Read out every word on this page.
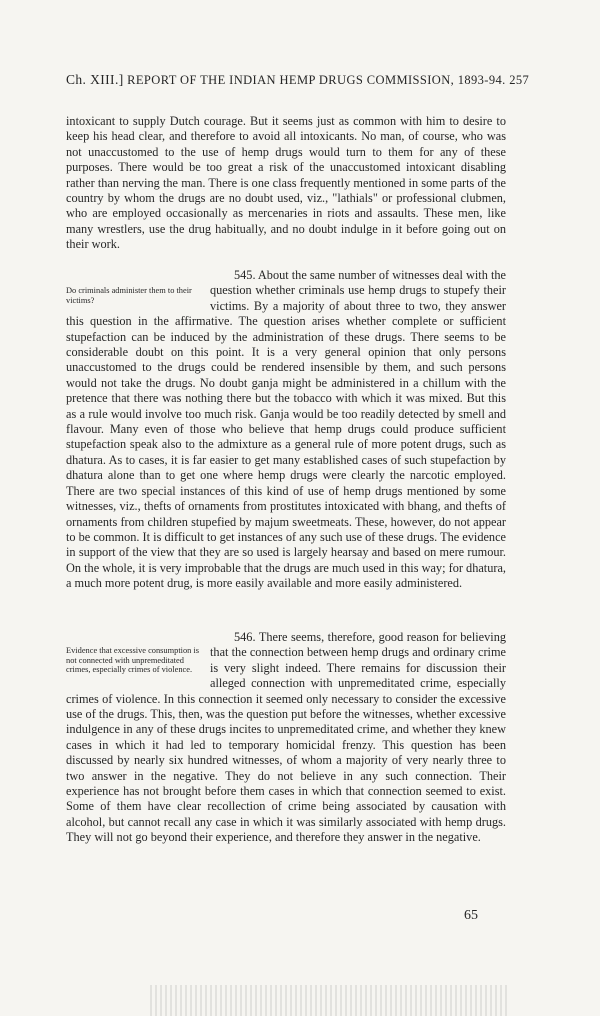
Ch. XIII.] REPORT OF THE INDIAN HEMP DRUGS COMMISSION, 1893-94. 257

intoxicant to supply Dutch courage. But it seems just as common with him to desire to keep his head clear, and therefore to avoid all intoxicants. No man, of course, who was not unaccustomed to the use of hemp drugs would turn to them for any of these purposes. There would be too great a risk of the unaccustomed intoxicant disabling rather than nerving the man. There is one class frequently mentioned in some parts of the country by whom the drugs are no doubt used, viz., "lathials" or professional clubmen, who are employed occasionally as mercenaries in riots and assaults. These men, like many wrestlers, use the drug habitually, and no doubt indulge in it before going out on their work.

Do criminals administer them to their victims?

545. About the same number of witnesses deal with the question whether criminals use hemp drugs to stupefy their victims. By a majority of about three to two, they answer this question in the affirmative. The question arises whether complete or sufficient stupefaction can be induced by the administration of these drugs. There seems to be considerable doubt on this point. It is a very general opinion that only persons unaccustomed to the drugs could be rendered insensible by them, and such persons would not take the drugs. No doubt ganja might be administered in a chillum with the pretence that there was nothing there but the tobacco with which it was mixed. But this as a rule would involve too much risk. Ganja would be too readily detected by smell and flavour. Many even of those who believe that hemp drugs could produce sufficient stupefaction speak also to the admixture as a general rule of more potent drugs, such as dhatura. As to cases, it is far easier to get many established cases of such stupefaction by dhatura alone than to get one where hemp drugs were clearly the narcotic employed. There are two special instances of this kind of use of hemp drugs mentioned by some witnesses, viz., thefts of ornaments from prostitutes intoxicated with bhang, and thefts of ornaments from children stupefied by majum sweetmeats. These, however, do not appear to be common. It is difficult to get instances of any such use of these drugs. The evidence in support of the view that they are so used is largely hearsay and based on mere rumour. On the whole, it is very improbable that the drugs are much used in this way; for dhatura, a much more potent drug, is more easily available and more easily administered.

Evidence that excessive consumption is not connected with unpremeditated crimes, especially crimes of violence.

546. There seems, therefore, good reason for believing that the connection between hemp drugs and ordinary crime is very slight indeed. There remains for discussion their alleged connection with unpremeditated crime, especially crimes of violence. In this connection it seemed only necessary to consider the excessive use of the drugs. This, then, was the question put before the witnesses, whether excessive indulgence in any of these drugs incites to unpremeditated crime, and whether they knew cases in which it had led to temporary homicidal frenzy. This question has been discussed by nearly six hundred witnesses, of whom a majority of very nearly three to two answer in the negative. They do not believe in any such connection. Their experience has not brought before them cases in which that connection seemed to exist. Some of them have clear recollection of crime being associated by causation with alcohol, but cannot recall any case in which it was similarly associated with hemp drugs. They will not go beyond their experience, and therefore they answer in the negative.

65
